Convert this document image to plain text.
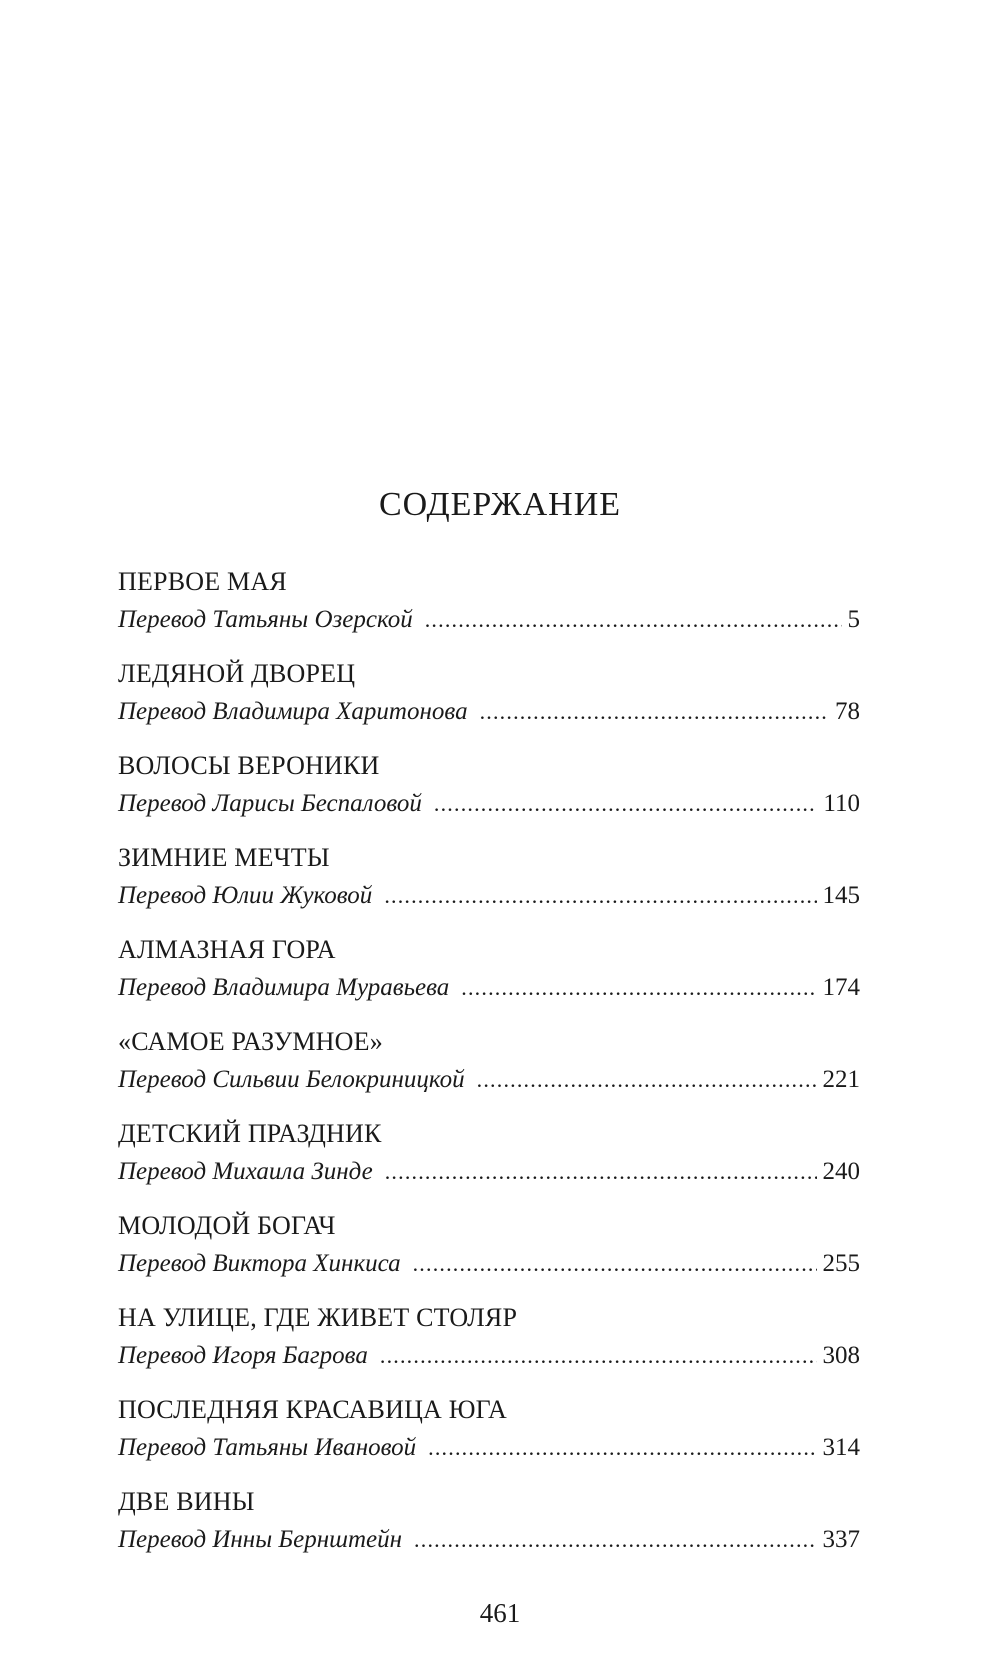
СОДЕРЖАНИЕ
ПЕРВОЕ МАЯ
Перевод Татьяны Озерской .....	5
ЛЕДЯНОЙ ДВОРЕЦ
Перевод Владимира Харитонова .....	78
ВОЛОСЫ ВЕРОНИКИ
Перевод Ларисы Беспаловой .....	110
ЗИМНИЕ МЕЧТЫ
Перевод Юлии Жуковой .....	145
АЛМАЗНАЯ ГОРА
Перевод Владимира Муравьева .....	174
«САМОЕ РАЗУМНОЕ»
Перевод Сильвии Белокриницкой .....	221
ДЕТСКИЙ ПРАЗДНИК
Перевод Михаила Зинде .....	240
МОЛОДОЙ БОГАЧ
Перевод Виктора Хинкиса .....	255
НА УЛИЦЕ, ГДЕ ЖИВЕТ СТОЛЯР
Перевод Игоря Багрова .....	308
ПОСЛЕДНЯЯ КРАСАВИЦА ЮГА
Перевод Татьяны Ивановой .....	314
ДВЕ ВИНЫ
Перевод Инны Бернштейн .....	337
461
